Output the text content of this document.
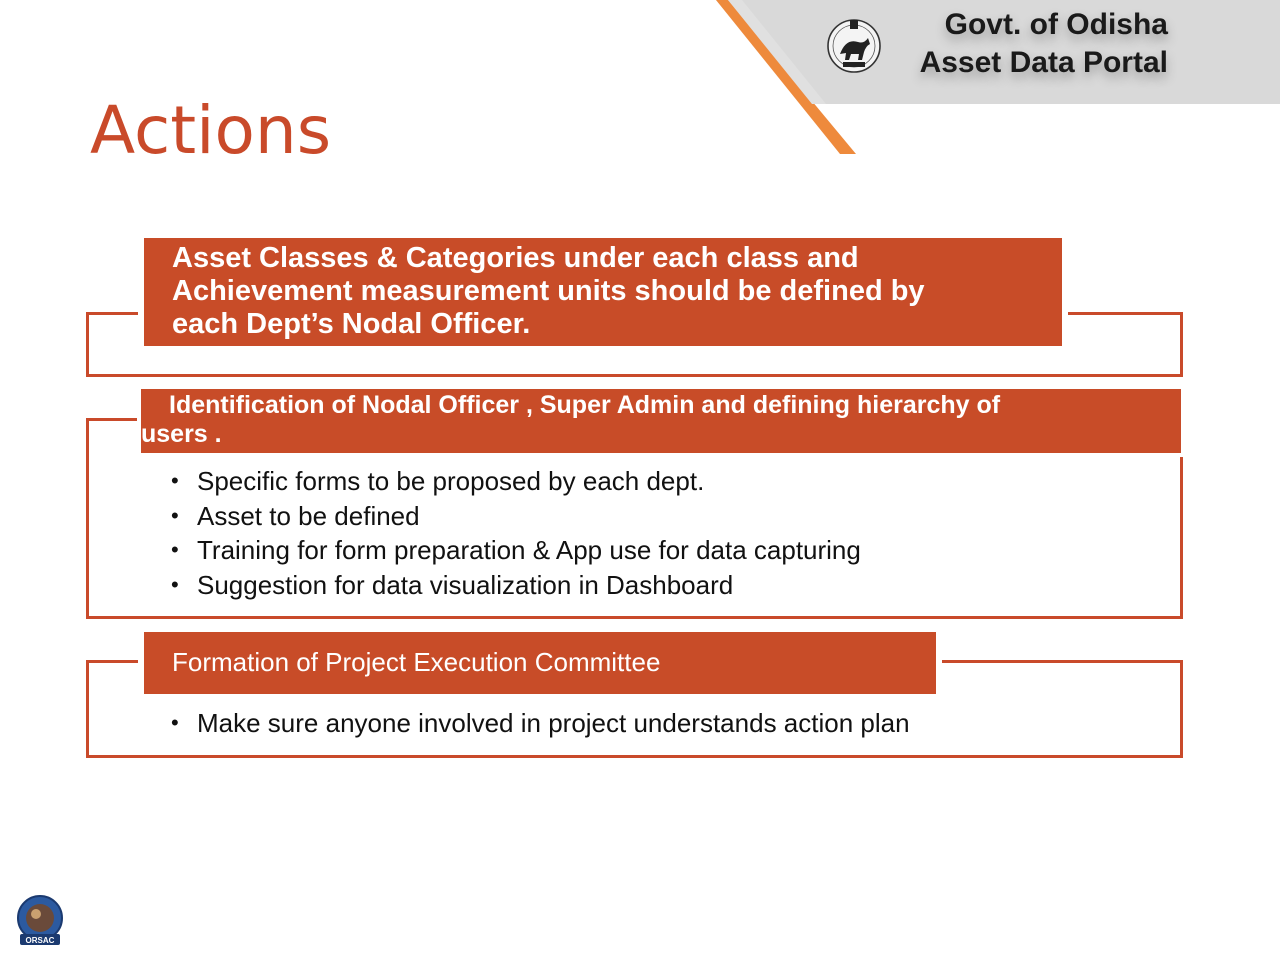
Govt. of Odisha
Asset Data Portal
Actions
Asset Classes & Categories under each class and
Achievement measurement units should be defined by
each Dept’s Nodal Officer.
Identification of Nodal Officer , Super Admin and defining hierarchy of
users .
• Specific forms to be proposed by each dept.
• Asset to be defined
• Training for form preparation & App use for data capturing
• Suggestion for data visualization in Dashboard
Formation of Project Execution Committee
• Make sure anyone involved in project understands action plan
ORSAC
